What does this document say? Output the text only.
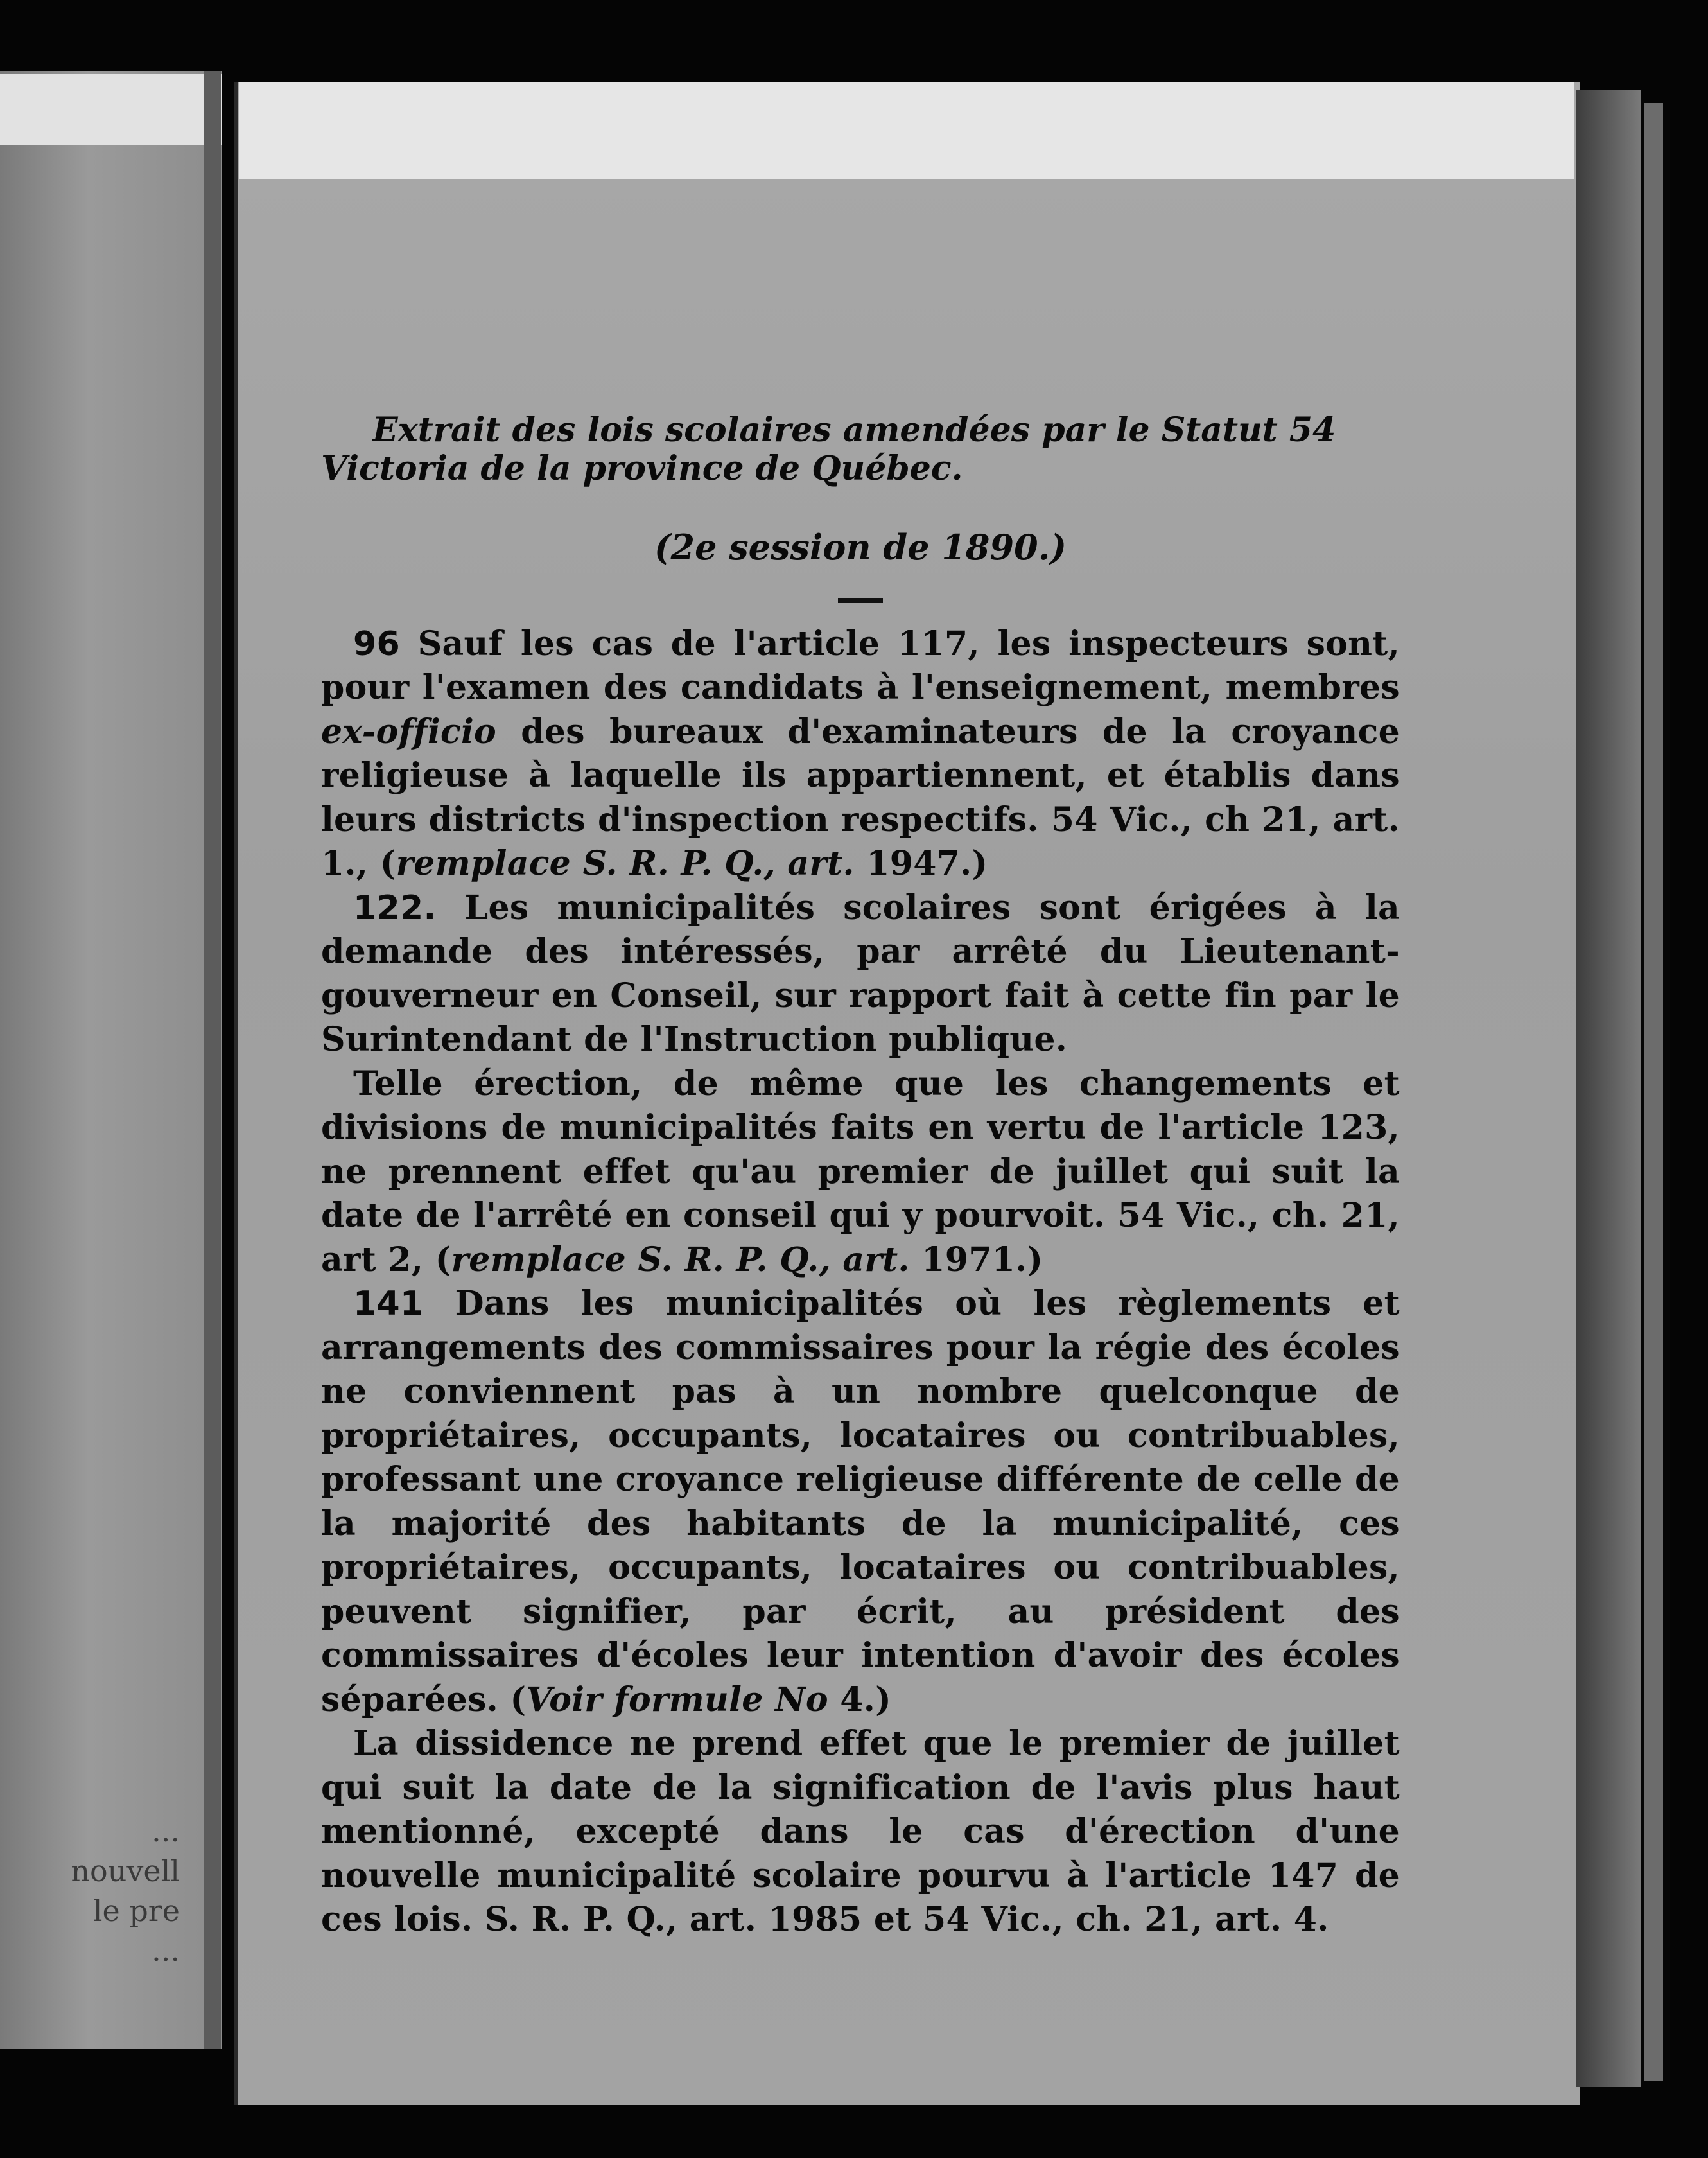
...
nouvell
le pre
...

Extrait des lois scolaires amendées par le Statut 54 Victoria de la province de Québec.

(2e session de 1890.)

96 Sauf les cas de l'article 117, les inspecteurs sont, pour l'examen des candidats à l'enseignement, membres ex-officio des bureaux d'examinateurs de la croyance religieuse à laquelle ils appartiennent, et établis dans leurs districts d'inspection respectifs. 54 Vic., ch 21, art. 1., (remplace S. R. P. Q., art. 1947.)

122. Les municipalités scolaires sont érigées à la demande des intéressés, par arrêté du Lieutenant-gouverneur en Conseil, sur rapport fait à cette fin par le Surintendant de l'Instruction publique.

Telle érection, de même que les changements et divisions de municipalités faits en vertu de l'article 123, ne prennent effet qu'au premier de juillet qui suit la date de l'arrêté en conseil qui y pourvoit. 54 Vic., ch. 21, art 2, (remplace S. R. P. Q., art. 1971.)

141 Dans les municipalités où les règlements et arrangements des commissaires pour la régie des écoles ne conviennent pas à un nombre quelconque de propriétaires, occupants, locataires ou contribuables, professant une croyance religieuse différente de celle de la majorité des habitants de la municipalité, ces propriétaires, occupants, locataires ou contribuables, peuvent signifier, par écrit, au président des commissaires d'écoles leur intention d'avoir des écoles séparées. (Voir formule No 4.)

La dissidence ne prend effet que le premier de juillet qui suit la date de la signification de l'avis plus haut mentionné, excepté dans le cas d'érection d'une nouvelle municipalité scolaire pourvu à l'article 147 de ces lois. S. R. P. Q., art. 1985 et 54 Vic., ch. 21, art. 4.
